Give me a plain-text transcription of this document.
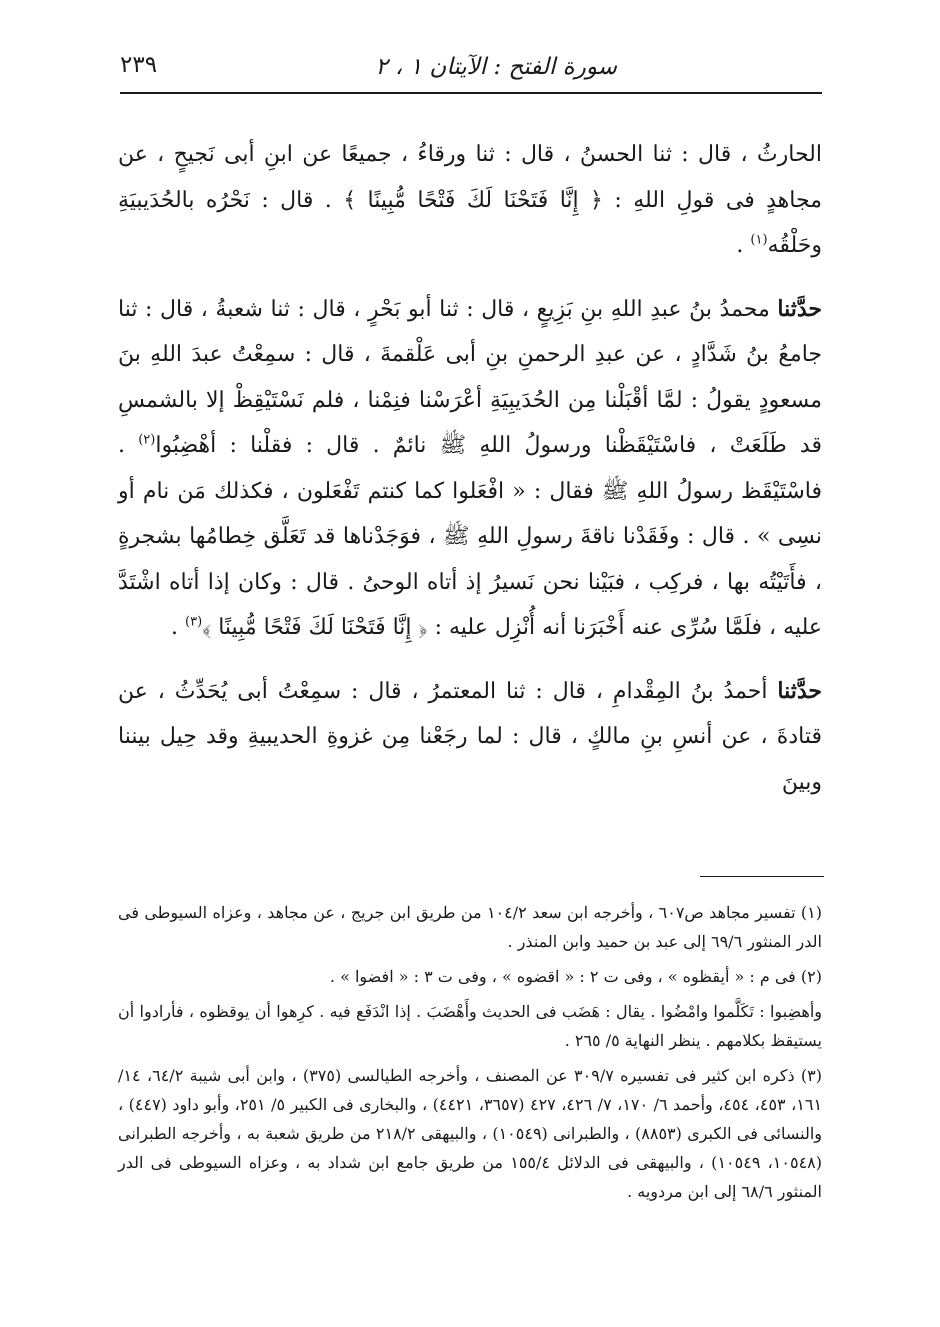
سورة الفتح : الآيتان ١ ، ٢
٢٣٩

الحارثُ ، قال : ثنا الحسنُ ، قال : ثنا ورقاءُ ، جميعًا عن ابنِ أبى نَجيحٍ ، عن مجاهدٍ فى قولِ اللهِ : ﴿ إِنَّا فَتَحْنَا لَكَ فَتْحًا مُّبِينًا ﴾ . قال : نَحْرُه بالحُدَيبيَةِ وحَلْقُه$^{(١)}$ .

حدَّثنا محمدُ بنُ عبدِ اللهِ بنِ بَزِيعٍ ، قال : ثنا أبو بَحْرٍ ، قال : ثنا شعبةُ ، قال : ثنا جامعُ بنُ شَدَّادٍ ، عن عبدِ الرحمنِ بنِ أبى عَلْقمةَ ، قال : سمِعْتُ عبدَ اللهِ بنَ مسعودٍ يقولُ : لمَّا أقْبَلْنا مِن الحُدَيبِيَةِ أعْرَسْنا فنِمْنا ، فلم نَسْتَيْقِظْ إلا بالشمسِ قد طَلَعَتْ ، فاسْتَيْقَظْنا ورسولُ اللهِ ﷺ نائمٌ . قال : فقلْنا : أهْضِبُوا$^{(٢)}$ . فاسْتَيْقَظ رسولُ اللهِ ﷺ فقال : « افْعَلوا كما كنتم تَفْعَلون ، فكذلك مَن نام أو نسِى » . قال : وفَقَدْنا ناقةَ رسولِ اللهِ ﷺ ، فوَجَدْناها قد تَعَلَّق خِطامُها بشجرةٍ ، فأَتَيْتُه بها ، فركِب ، فبَيْنا نحن نَسيرُ إذ أتاه الوحىُ . قال : وكان إذا أتاه اشْتَدَّ عليه ، فلَمَّا سُرِّى عنه أَخْبَرَنا أنه أُنْزِل عليه : ﴿ إِنَّا فَتَحْنَا لَكَ فَتْحًا مُّبِينًا ﴾$^{(٣)}$ .

حدَّثنا أحمدُ بنُ المِقْدامِ ، قال : ثنا المعتمرُ ، قال : سمِعْتُ أبى يُحَدِّثُ ، عن قتادةَ ، عن أنسِ بنِ مالكٍ ، قال : لما رجَعْنا مِن غزوةِ الحديبيةِ وقد حِيل بيننا وبينَ

(١) تفسير مجاهد ص٦٠٧ ، وأخرجه ابن سعد ١٠٤/٢ من طريق ابن جريج ، عن مجاهد ، وعزاه السيوطى فى الدر المنثور ٦٩/٦ إلى عبد بن حميد وابن المنذر .

(٢) فى م : « أيقظوه » ، وفى ت ٢ : « اقضوه » ، وفى ت ٣ : « افضوا » .

وأهضِبوا : تَكَلَّموا وامْضُوا . يقال : هَضَب فى الحديث وأَهْضَبَ . إذا انْدَفَع فيه . كرِهوا أن يوقظوه ، فأرادوا أن يستيقظ بكلامهم . ينظر النهاية ٥/ ٢٦٥ .

(٣) ذكره ابن كثير فى تفسيره ٣٠٩/٧ عن المصنف ، وأخرجه الطيالسى (٣٧٥) ، وابن أبى شيبة ٦٤/٢، ١٤/ ١٦١، ٤٥٣، ٤٥٤، وأحمد ٦/ ١٧٠، ٧/ ٤٢٦، ٤٢٧ (٣٦٥٧، ٤٤٢١) ، والبخارى فى الكبير ٥/ ٢٥١، وأبو داود (٤٤٧) ، والنسائى فى الكبرى (٨٨٥٣) ، والطبرانى (١٠٥٤٩) ، والبيهقى ٢١٨/٢ من طريق شعبة به ، وأخرجه الطبرانى (١٠٥٤٨، ١٠٥٤٩) ، والبيهقى فى الدلائل ١٥٥/٤ من طريق جامع ابن شداد به ، وعزاه السيوطى فى الدر المنثور ٦٨/٦ إلى ابن مردويه .
